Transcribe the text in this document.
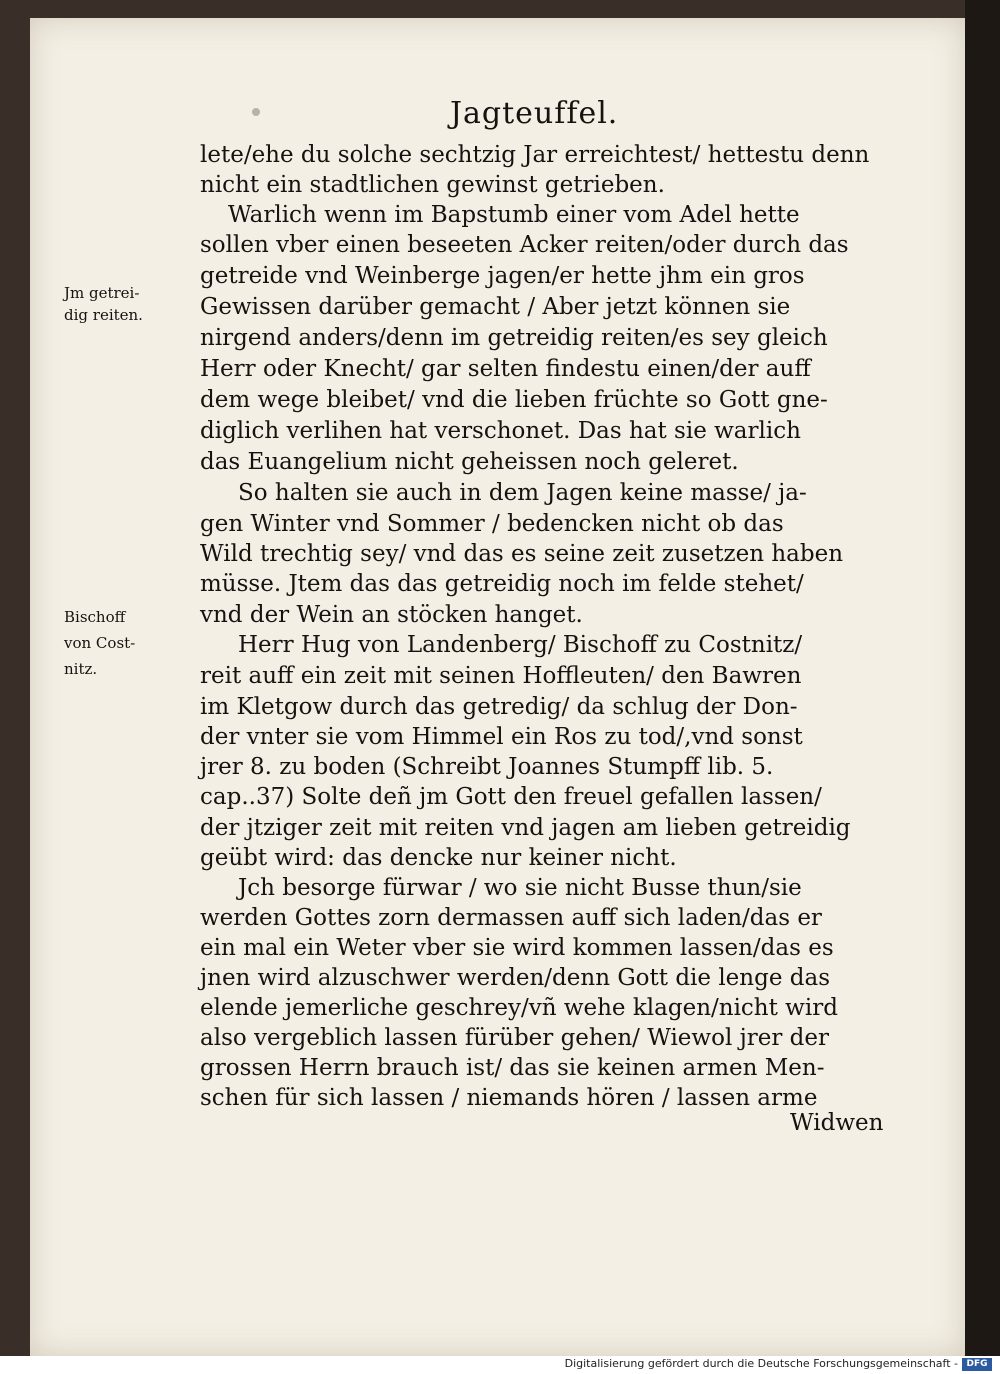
Jagteuffel.
lete/ehe du solche sechtzig Jar erreichtest/ hettestu denn
nicht ein stadtlichen gewinst getrieben.
Warlich wenn im Bapstumb einer vom Adel hette
sollen vber einen beseeten Acker reiten/oder durch das
getreide vnd Weinberge jagen/er hette jhm ein gros
Gewissen darüber gemacht / Aber jetzt können sie
nirgend anders/denn im getreidig reiten/es sey gleich
Herr oder Knecht/ gar selten findestu einen/der auff
dem wege bleibet/ vnd die lieben früchte so Gott gne-
diglich verlihen hat verschonet. Das hat sie warlich
das Euangelium nicht geheissen noch geleret.
So halten sie auch in dem Jagen keine masse/ ja-
gen Winter vnd Sommer / bedencken nicht ob das
Wild trechtig sey/ vnd das es seine zeit zusetzen haben
müsse. Jtem das das getreidig noch im felde stehet/
vnd der Wein an stöcken hanget.
Herr Hug von Landenberg/ Bischoff zu Costnitz/
reit auff ein zeit mit seinen Hoffleuten/ den Bawren
im Kletgow durch das getredig/ da schlug der Don-
der vnter sie vom Himmel ein Ros zu tod/,vnd sonst
jrer 8. zu boden (Schreibt Joannes Stumpff lib. 5.
cap..37) Solte deñ jm Gott den freuel gefallen lassen/
der jtziger zeit mit reiten vnd jagen am lieben getreidig
geübt wird: das dencke nur keiner nicht.
Jch besorge fürwar / wo sie nicht Busse thun/sie
werden Gottes zorn dermassen auff sich laden/das er
ein mal ein Weter vber sie wird kommen lassen/das es
jnen wird alzuschwer werden/denn Gott die lenge das
elende jemerliche geschrey/vñ wehe klagen/nicht wird
also vergeblich lassen fürüber gehen/ Wiewol jrer der
grossen Herrn brauch ist/ das sie keinen armen Men-
schen für sich lassen / niemands hören / lassen arme
Widwen
Jm getrei-
dig reiten.
Bischoff
von Cost-
nitz.
Digitalisierung gefördert durch die Deutsche Forschungsgemeinschaft - DFG
